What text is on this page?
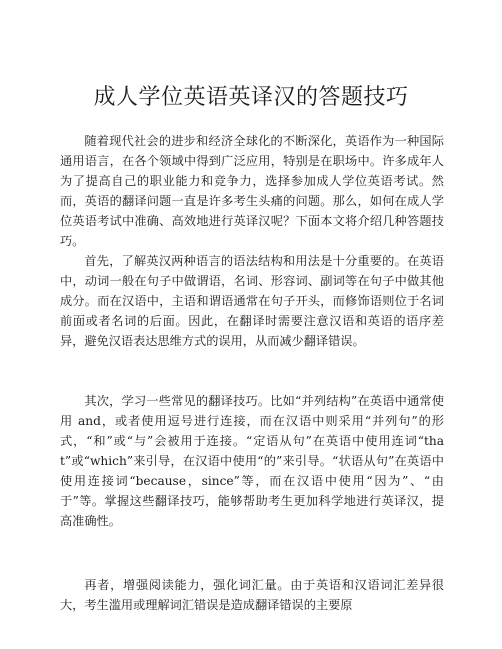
成人学位英语英译汉的答题技巧

随着现代社会的进步和经济全球化的不断深化，英语作为一种国际通用语言，在各个领域中得到广泛应用，特别是在职场中。许多成年人为了提高自己的职业能力和竞争力，选择参加成人学位英语考试。然而，英语的翻译问题一直是许多考生头痛的问题。那么，如何在成人学位英语考试中准确、高效地进行英译汉呢？下面本文将介绍几种答题技巧。

首先，了解英汉两种语言的语法结构和用法是十分重要的。在英语中，动词一般在句子中做谓语，名词、形容词、副词等在句子中做其他成分。而在汉语中，主语和谓语通常在句子开头，而修饰语则位于名词前面或者名词的后面。因此，在翻译时需要注意汉语和英语的语序差异，避免汉语表达思维方式的误用，从而减少翻译错误。

其次，学习一些常见的翻译技巧。比如“并列结构”在英语中通常使用 and，或者使用逗号进行连接，而在汉语中则采用“并列句”的形式，“和”或“与”会被用于连接。“定语从句”在英语中使用连词“that”或“which”来引导，在汉语中使用“的”来引导。“状语从句”在英语中使用连接词“because，since”等，而在汉语中使用“因为”、“由于”等。掌握这些翻译技巧，能够帮助考生更加科学地进行英译汉，提高准确性。

再者，增强阅读能力，强化词汇量。由于英语和汉语词汇差异很大，考生滥用或理解词汇错误是造成翻译错误的主要原
